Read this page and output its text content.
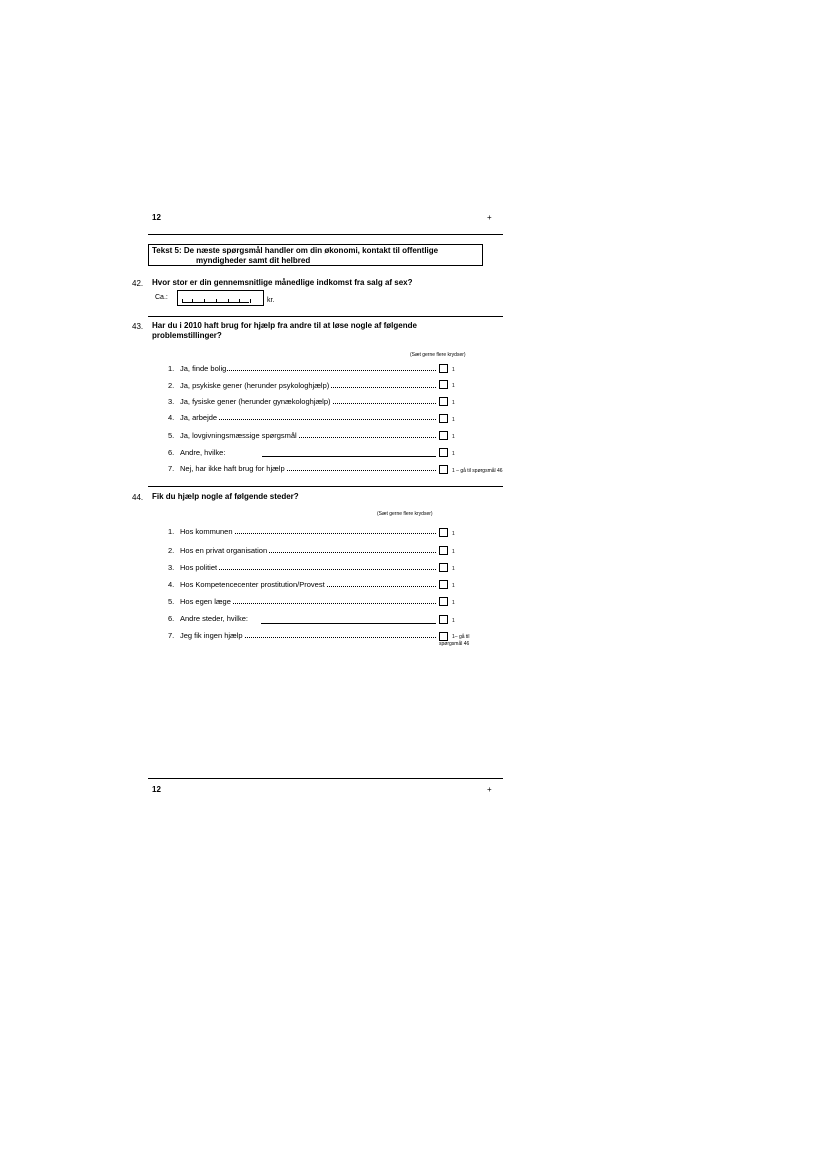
12	+
Tekst 5: De næste spørgsmål handler om din økonomi, kontakt til offentlige
myndigheder samt dit helbred
42. Hvor stor er din gennemsnitlige månedlige indkomst fra salg af sex?
Ca.:	kr.
43. Har du i 2010 haft brug for hjælp fra andre til at løse nogle af følgende
problemstillinger?
(Sæt gerne flere krydser)
1. Ja, finde bolig	1
2. Ja, psykiske gener (herunder psykologhjælp)	1
3. Ja, fysiske gener (herunder gynækologhjælp)	1
4. Ja, arbejde	1
5. Ja, lovgivningsmæssige spørgsmål	1
6. Andre, hvilke:	1
7. Nej, har ikke haft brug for hjælp	1 – gå til spørgsmål 46
44. Fik du hjælp nogle af følgende steder?
(Sæt gerne flere krydser)
1. Hos kommunen	1
2. Hos en privat organisation	1
3. Hos politiet	1
4. Hos Kompetencecenter prostitution/Provest	1
5. Hos egen læge	1
6. Andre steder, hvilke:	1
7. Jeg fik ingen hjælp	1– gå til
spørgsmål 46
12	+
